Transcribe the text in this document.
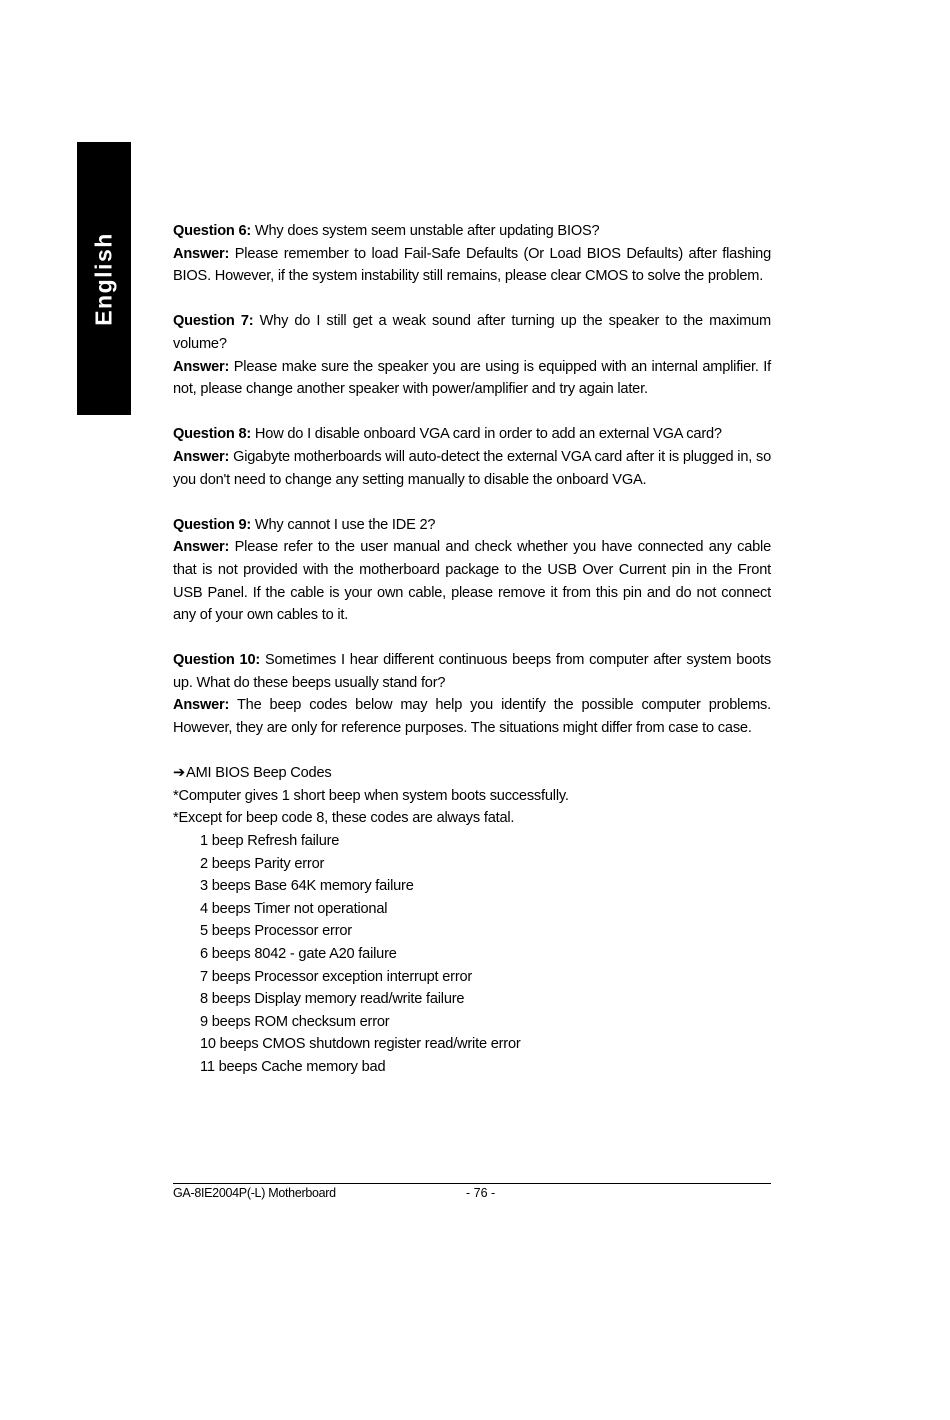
English

Question 6: Why does system seem unstable after updating BIOS?

Answer: Please remember to load Fail-Safe Defaults (Or Load BIOS Defaults) after flashing BIOS. However, if the system instability still remains, please clear CMOS to solve the problem.

Question 7: Why do I still get a weak sound after turning up the speaker to the maximum volume?

Answer: Please make sure the speaker you are using is equipped with an internal amplifier. If not, please change another speaker with power/amplifier and try again later.

Question 8: How do I disable onboard VGA card in order to add an external VGA card?

Answer: Gigabyte motherboards will auto-detect the external VGA card after it is plugged in, so you don't need to change any setting manually to disable the onboard VGA.

Question 9: Why cannot I use the IDE 2?

Answer: Please refer to the user manual and check whether you have connected any cable that is not provided with the motherboard package to the USB Over Current pin in the Front USB Panel. If the cable is your own cable, please remove it from this pin and do not connect any of your own cables to it.

Question 10: Sometimes I hear different continuous beeps from computer after system boots up. What do these beeps usually stand for?

Answer: The beep codes below may help you identify the possible computer problems. However, they are only for reference purposes. The situations might differ from case to case.

➔AMI BIOS Beep Codes

*Computer gives 1 short beep when system boots successfully.

*Except for beep code 8, these codes are always fatal.

1 beep Refresh failure
2 beeps Parity error
3 beeps Base 64K memory failure
4 beeps Timer not operational
5 beeps Processor error
6 beeps 8042 - gate A20 failure
7 beeps Processor exception interrupt error
8 beeps Display memory read/write failure
9 beeps ROM checksum error
10 beeps CMOS shutdown register read/write error
11 beeps Cache memory bad
GA-8IE2004P(-L) Motherboard	- 76 -
